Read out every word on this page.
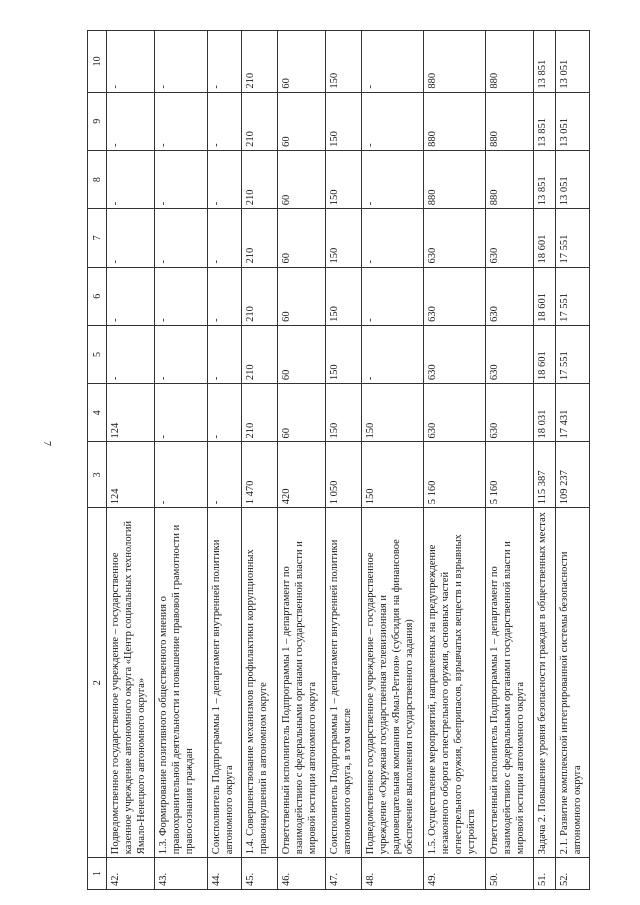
7
1	2	3	4	5	6	7	8	9	10
42.	Подведомственное государственное учреждение – государственное казенное учреждение автономного округа «Центр социальных технологий Ямало-Ненецкого автономного округа»	124	124	-	-	-	-	-	-
43.	1.3. Формирование позитивного общественного мнения о правоохранительной деятельности и повышение правовой грамотности и правосознания граждан	-	-	-	-	-	-	-	-
44.	Соисполнитель Подпрограммы 1 – департамент внутренней политики автономного округа	-	-	-	-	-	-	-	-
45.	1.4. Совершенствование механизмов профилактики коррупционных правонарушений в автономном округе	1 470	210	210	210	210	210	210	210
46.	Ответственный исполнитель Подпрограммы 1 – департамент по взаимодействию с федеральными органами государственной власти и мировой юстиции автономного округа	420	60	60	60	60	60	60	60
47.	Соисполнитель Подпрограммы 1 – департамент внутренней политики автономного округа, в том числе	1 050	150	150	150	150	150	150	150
48.	Подведомственное государственное учреждение – государственное учреждение «Окружная государственная телевизионная и радиовещательная компания «Ямал-Регион» (субсидия на финансовое обеспечение выполнения государственного задания)	150	150	-	-	-	-	-	-
49.	1.5. Осуществление мероприятий, направленных на предупреждение незаконного оборота огнестрельного оружия, основных частей огнестрельного оружия, боеприпасов, взрывчатых веществ и взрывных устройств	5 160	630	630	630	630	880	880	880
50.	Ответственный исполнитель Подпрограммы 1 – департамент по взаимодействию с федеральными органами государственной власти и мировой юстиции автономного округа	5 160	630	630	630	630	880	880	880
51.	Задача 2. Повышение уровня безопасности граждан в общественных местах	115 387	18 031	18 601	18 601	18 601	13 851	13 851	13 851
52.	2.1. Развитие комплексной интегрированной системы безопасности автономного округа	109 237	17 431	17 551	17 551	17 551	13 051	13 051	13 051
